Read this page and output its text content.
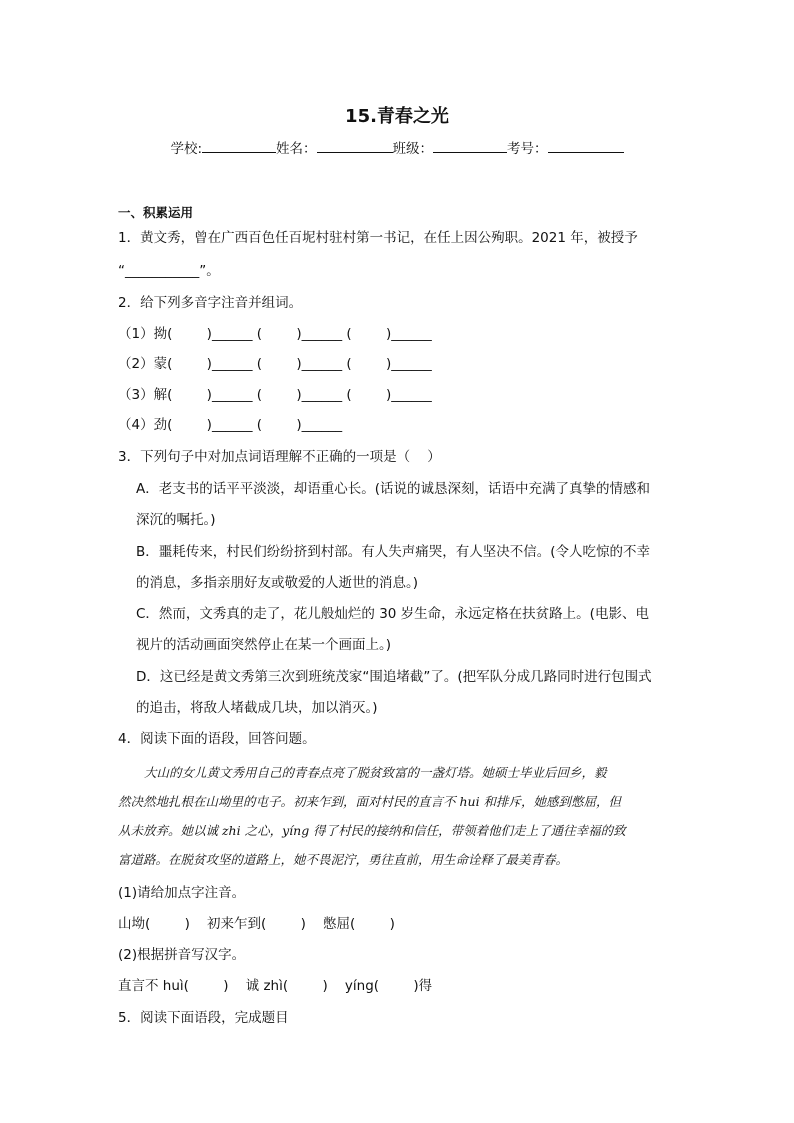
15.青春之光
学校:	姓名：	班级：	考号：
一、积累运用
1．黄文秀，曾在广西百色任百坭村驻村第一书记，在任上因公殉职。2021 年，被授予
“___________”。
2．给下列多音字注音并组词。
（1）拗(        )______ (        )______ (        )______
（2）蒙(        )______ (        )______ (        )______
（3）解(        )______ (        )______ (        )______
（4）劲(        )______ (        )______
3．下列句子中对加点词语理解不正确的一项是（    ）
A．老支书的话平平淡淡，却语重心长。(话说的诚恳深刻，话语中充满了真挚的情感和
深沉的嘱托。)
B．噩耗传来，村民们纷纷挤到村部。有人失声痛哭，有人坚决不信。(令人吃惊的不幸
的消息，多指亲朋好友或敬爱的人逝世的消息。)
C．然而，文秀真的走了，花儿般灿烂的 30 岁生命，永远定格在扶贫路上。(电影、电
视片的活动画面突然停止在某一个画面上。)
D．这已经是黄文秀第三次到班统茂家“围追堵截”了。(把军队分成几路同时进行包围式
的追击，将敌人堵截成几块，加以消灭。)
4．阅读下面的语段，回答问题。
大山的女儿黄文秀用自己的青春点亮了脱贫致富的一盏灯塔。她硕士毕业后回乡，毅
然决然地扎根在山坳里的屯子。初来乍到，面对村民的直言不 hui 和排斥，她感到憋屈，但
从未放弃。她以诚 zhi 之心，yíng 得了村民的接纳和信任，带领着他们走上了通往幸福的致
富道路。在脱贫攻坚的道路上，她不畏泥泞，勇往直前，用生命诠释了最美青春。
(1)请给加点字注音。
山坳(        )    初来乍到(        )    憋屈(        )
(2)根据拼音写汉字。
直言不 huì(        )    诚 zhì(        )    yíng(        )得
5．阅读下面语段，完成题目
